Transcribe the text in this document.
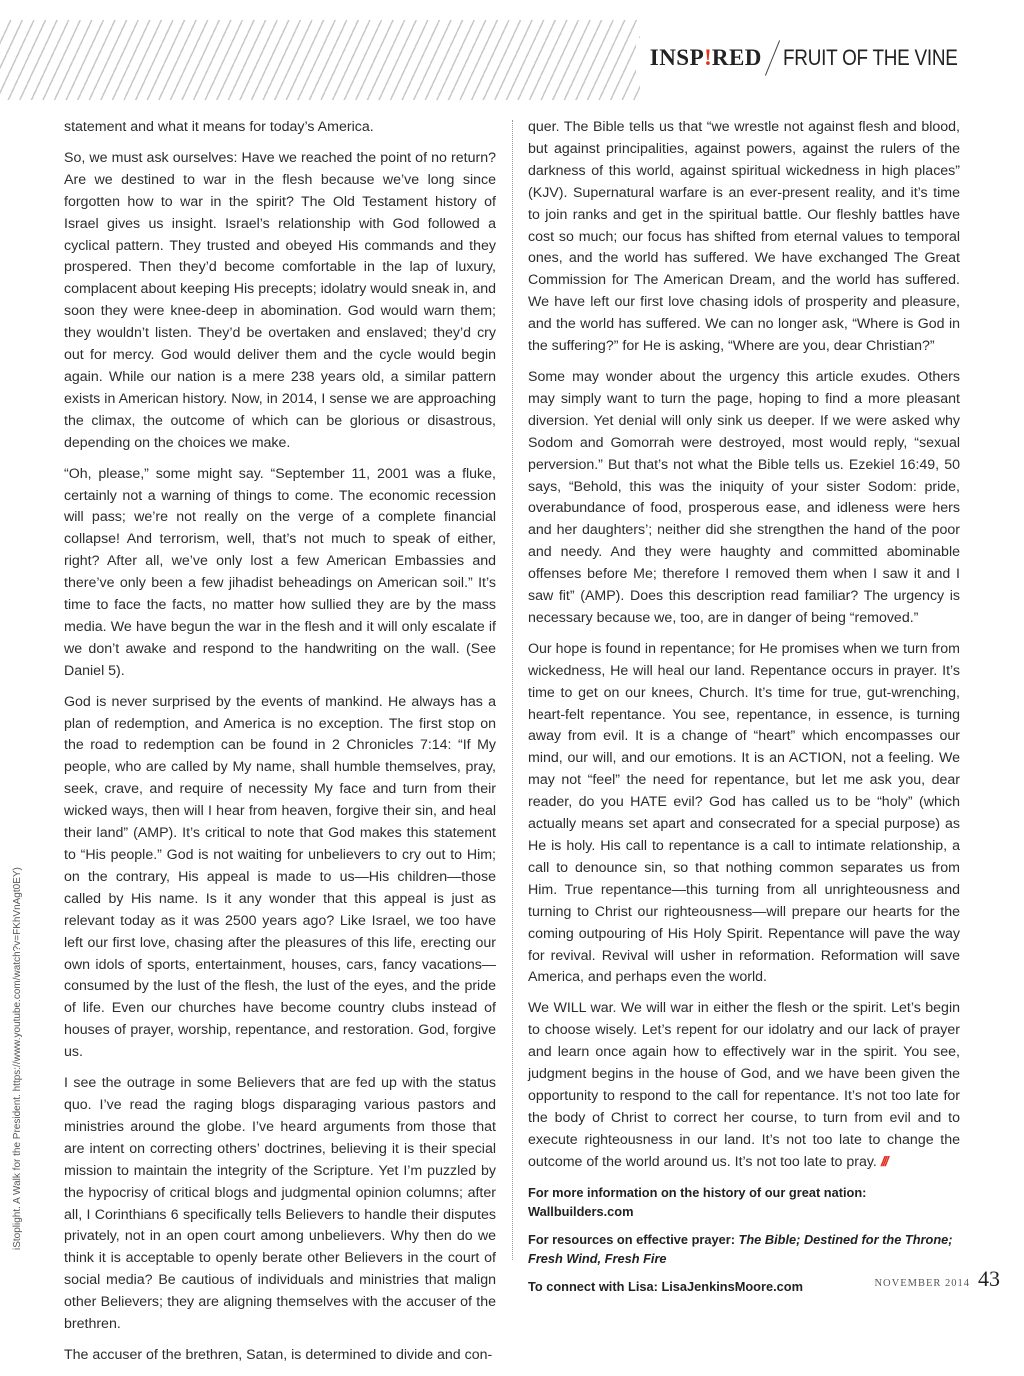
INSP ! RED FRUIT OF THE VINE

statement and what it means for today’s America.

So, we must ask ourselves: Have we reached the point of no return? Are we destined to war in the flesh because we’ve long since forgotten how to war in the spirit? The Old Testament history of Israel gives us insight. Israel’s relationship with God followed a cyclical pattern. They trusted and obeyed His commands and they prospered. Then they’d become comfortable in the lap of luxury, complacent about keeping His precepts; idolatry would sneak in, and soon they were knee-deep in abomination. God would warn them; they wouldn’t listen. They’d be overtaken and enslaved; they’d cry out for mercy. God would deliver them and the cycle would begin again. While our nation is a mere 238 years old, a similar pattern exists in American history. Now, in 2014, I sense we are approaching the climax, the outcome of which can be glorious or disastrous, depending on the choices we make.

“Oh, please,” some might say. “September 11, 2001 was a fluke, certainly not a warning of things to come. The economic recession will pass; we’re not really on the verge of a complete financial collapse! And terrorism, well, that’s not much to speak of either, right? After all, we’ve only lost a few American Embassies and there’ve only been a few jihadist beheadings on American soil.” It’s time to face the facts, no matter how sullied they are by the mass media. We have begun the war in the flesh and it will only escalate if we don’t awake and respond to the handwriting on the wall. (See Daniel 5).

God is never surprised by the events of mankind. He always has a plan of redemption, and America is no exception. The first stop on the road to redemption can be found in 2 Chronicles 7:14: “If My people, who are called by My name, shall humble themselves, pray, seek, crave, and require of necessity My face and turn from their wicked ways, then will I hear from heaven, forgive their sin, and heal their land” (AMP). It’s critical to note that God makes this statement to “His people.” God is not waiting for unbelievers to cry out to Him; on the contrary, His appeal is made to us—His children—those called by His name. Is it any wonder that this appeal is just as relevant today as it was 2500 years ago? Like Israel, we too have left our first love, chasing after the pleasures of this life, erecting our own idols of sports, entertainment, houses, cars, fancy vacations—consumed by the lust of the flesh, the lust of the eyes, and the pride of life. Even our churches have become country clubs instead of houses of prayer, worship, repentance, and restoration. God, forgive us.

I see the outrage in some Believers that are fed up with the status quo. I’ve read the raging blogs disparaging various pastors and ministries around the globe. I’ve heard arguments from those that are intent on correcting others’ doctrines, believing it is their special mission to maintain the integrity of the Scripture. Yet I’m puzzled by the hypocrisy of critical blogs and judgmental opinion columns; after all, I Corinthians 6 specifically tells Believers to handle their disputes privately, not in an open court among unbelievers. Why then do we think it is acceptable to openly berate other Believers in the court of social media? Be cautious of individuals and ministries that malign other Believers; they are aligning themselves with the accuser of the brethren.

The accuser of the brethren, Satan, is determined to divide and con-

quer. The Bible tells us that “we wrestle not against flesh and blood, but against principalities, against powers, against the rulers of the darkness of this world, against spiritual wickedness in high places” (KJV). Supernatural warfare is an ever-present reality, and it’s time to join ranks and get in the spiritual battle. Our fleshly battles have cost so much; our focus has shifted from eternal values to temporal ones, and the world has suffered. We have exchanged The Great Commission for The American Dream, and the world has suffered. We have left our first love chasing idols of prosperity and pleasure, and the world has suffered. We can no longer ask, “Where is God in the suffering?” for He is asking, “Where are you, dear Christian?”

Some may wonder about the urgency this article exudes. Others may simply want to turn the page, hoping to find a more pleasant diversion. Yet denial will only sink us deeper. If we were asked why Sodom and Gomorrah were destroyed, most would reply, “sexual perversion.” But that’s not what the Bible tells us. Ezekiel 16:49, 50 says, “Behold, this was the iniquity of your sister Sodom: pride, overabundance of food, prosperous ease, and idleness were hers and her daughters’; neither did she strengthen the hand of the poor and needy. And they were haughty and committed abominable offenses before Me; therefore I removed them when I saw it and I saw fit” (AMP). Does this description read familiar? The urgency is necessary because we, too, are in danger of being “removed.”

Our hope is found in repentance; for He promises when we turn from wickedness, He will heal our land. Repentance occurs in prayer. It’s time to get on our knees, Church. It’s time for true, gut-wrenching, heart-felt repentance. You see, repentance, in essence, is turning away from evil. It is a change of “heart” which encompasses our mind, our will, and our emotions. It is an ACTION, not a feeling. We may not “feel” the need for repentance, but let me ask you, dear reader, do you HATE evil? God has called us to be “holy” (which actually means set apart and consecrated for a special purpose) as He is holy. His call to repentance is a call to intimate relationship, a call to denounce sin, so that nothing common separates us from Him. True repentance—this turning from all unrighteousness and turning to Christ our righteousness—will prepare our hearts for the coming outpouring of His Holy Spirit. Repentance will pave the way for revival. Revival will usher in reformation. Reformation will save America, and perhaps even the world.

We WILL war. We will war in either the flesh or the spirit. Let’s begin to choose wisely. Let’s repent for our idolatry and our lack of prayer and learn once again how to effectively war in the spirit. You see, judgment begins in the house of God, and we have been given the opportunity to respond to the call for repentance. It’s not too late for the body of Christ to correct her course, to turn from evil and to execute righteousness in our land. It’s not too late to change the outcome of the world around us. It’s not too late to pray. ///

For more information on the history of our great nation: Wallbuilders.com

For resources on effective prayer: The Bible; Destined for the Throne; Fresh Wind, Fresh Fire

To connect with Lisa: LisaJenkinsMoore.com

iStoplight. A Walk for the President. https://www.youtube.com/watch?v=FKhVnAgt0EY)
NOVEMBER 2014 43
